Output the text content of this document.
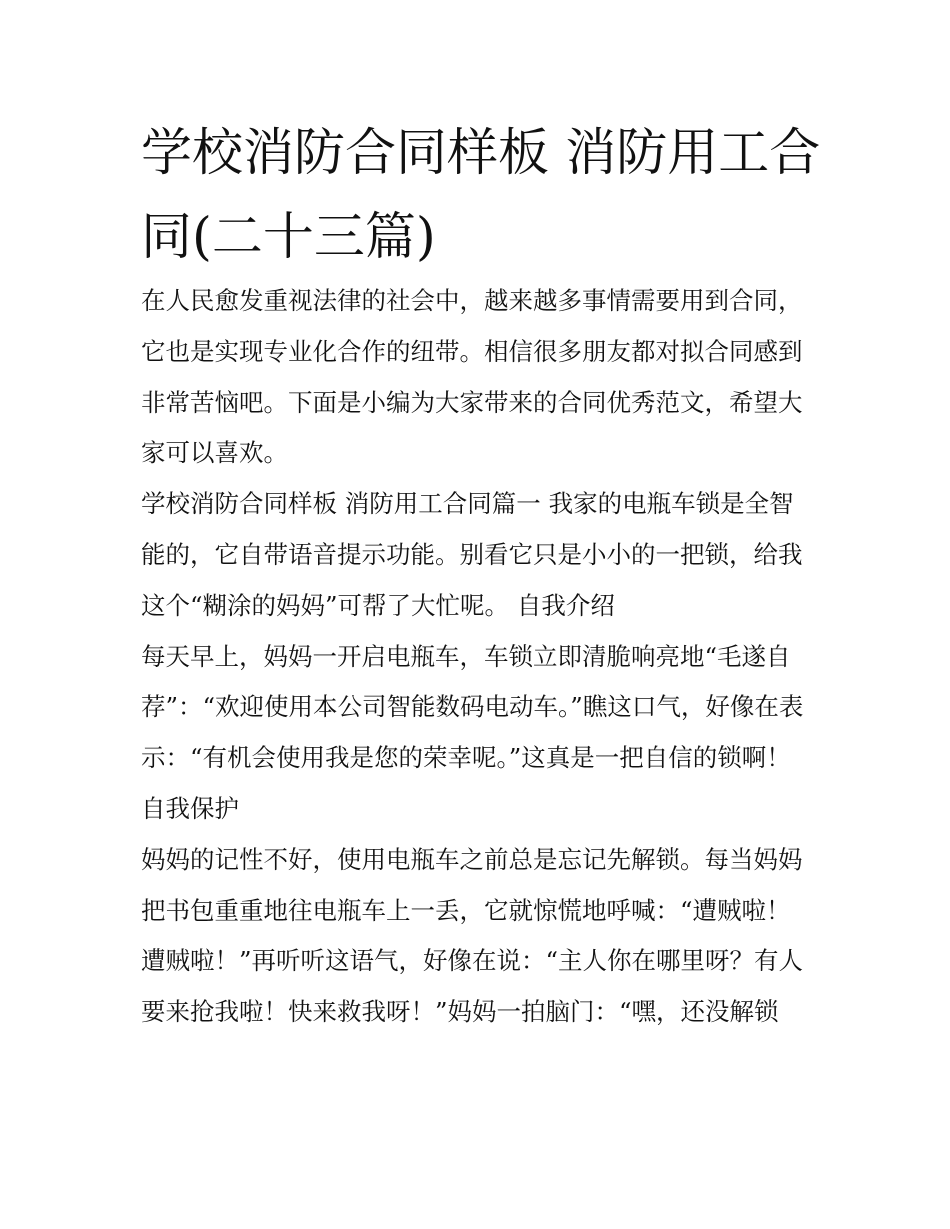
学校消防合同样板 消防用工合同(二十三篇)

在人民愈发重视法律的社会中，越来越多事情需要用到合同，它也是实现专业化合作的纽带。相信很多朋友都对拟合同感到非常苦恼吧。下面是小编为大家带来的合同优秀范文，希望大家可以喜欢。

学校消防合同样板 消防用工合同篇一 我家的电瓶车锁是全智能的，它自带语音提示功能。别看它只是小小的一把锁，给我这个“糊涂的妈妈”可帮了大忙呢。 自我介绍

每天早上，妈妈一开启电瓶车，车锁立即清脆响亮地“毛遂自荐”：“欢迎使用本公司智能数码电动车。”瞧这口气，好像在表示：“有机会使用我是您的荣幸呢。”这真是一把自信的锁啊！

自我保护

妈妈的记性不好，使用电瓶车之前总是忘记先解锁。每当妈妈把书包重重地往电瓶车上一丢，它就惊慌地呼喊：“遭贼啦！遭贼啦！”再听听这语气，好像在说：“主人你在哪里呀？有人要来抢我啦！快来救我呀！”妈妈一拍脑门：“嘿，还没解锁
